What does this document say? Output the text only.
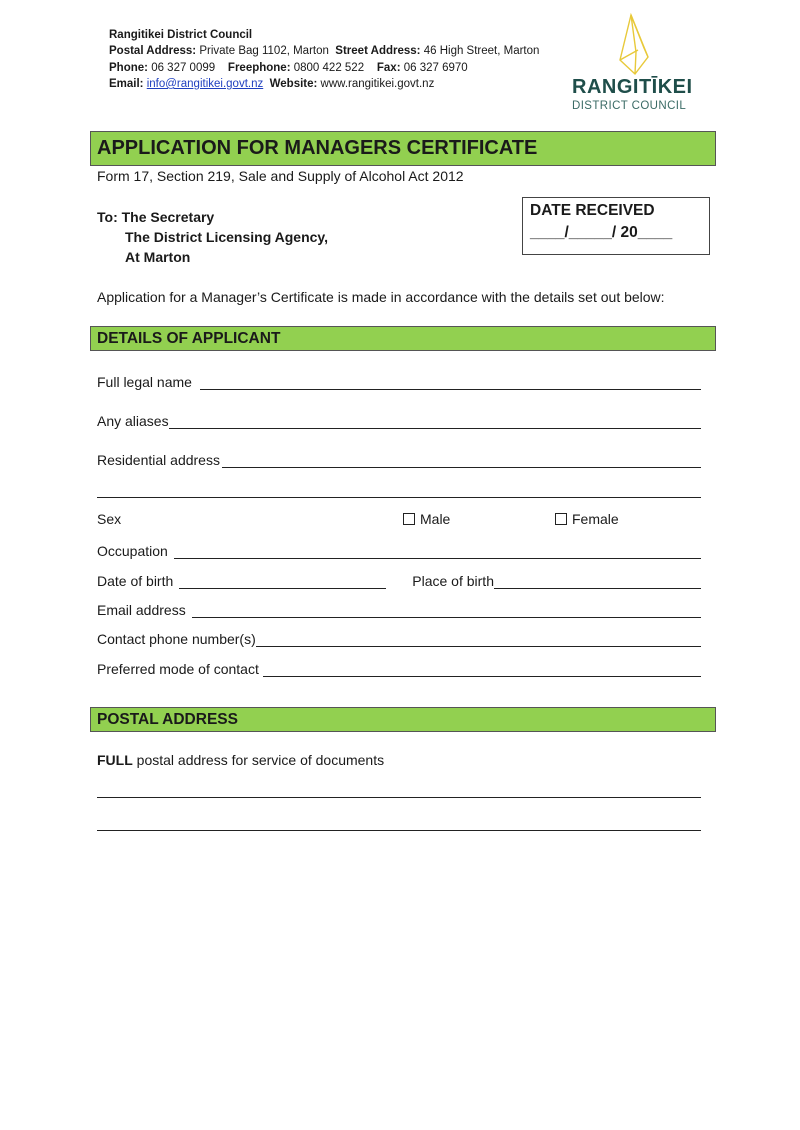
Rangitikei District Council
Postal Address: Private Bag 1102, Marton Street Address: 46 High Street, Marton
Phone: 06 327 0099 Freephone: 0800 422 522 Fax: 06 327 6970
Email: info@rangitikei.govt.nz Website: www.rangitikei.govt.nz	RANGITĪKEI
DISTRICT COUNCIL
APPLICATION FOR MANAGERS CERTIFICATE
Form 17, Section 219, Sale and Supply of Alcohol Act 2012
To: The Secretary
The District Licensing Agency,
At Marton
DATE RECEIVED
____/_____/ 20____
Application for a Manager’s Certificate is made in accordance with the details set out below:
DETAILS OF APPLICANT
Full legal name
Any aliases
Residential address
Sex	Male	Female
Occupation
Date of birth	Place of birth
Email address
Contact phone number(s)
Preferred mode of contact
POSTAL ADDRESS
FULL postal address for service of documents
